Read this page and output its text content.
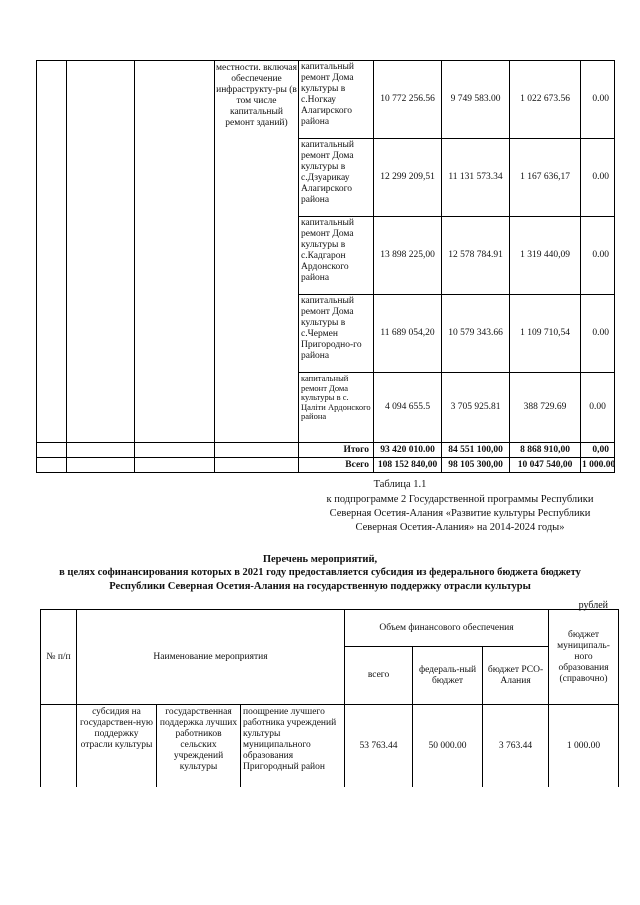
			местности. включая обеспечение инфраструкту-ры (в том числе капитальный ремонт зданий)	капитальный ремонт Дома культуры в с.Ногкау Алагирского района	10 772 256.56	9 749 583.00	1 022 673.56	0.00
				капитальный ремонт Дома культуры в с.Дзуарикау Алагирского района	12 299 209,51	11 131 573.34	1 167 636,17	0.00
				капитальный ремонт Дома культуры в с.Кадгарон Ардонского района	13 898 225,00	12 578 784.91	1 319 440,09	0.00
				капитальный ремонт Дома культуры в с.Чермен Пригородно-го района	11 689 054,20	10 579 343.66	1 109 710,54	0.00
				капитальный ремонт Дома культуры в с. Цаліти Ардонского района	4 094 655.5	3 705 925.81	388 729.69	0.00
				Итого	93 420 010.00	84 551 100,00	8 868 910,00	0,00
				Всего	108 152 840,00	98 105 300,00	10 047 540,00	1 000.00
Таблица 1.1
к подпрограмме 2 Государственной программы Республики
Северная Осетия-Алания «Развитие культуры Республики
Северная Осетия-Алания» на 2014-2024 годы»
Перечень мероприятий,
в целях софинансирования которых в 2021 году предоставляется субсидия из федерального бюджета бюджету
Республики Северная Осетия-Алания на государственную поддержку отрасли культуры
рублей
№ п/п	Наименование мероприятия			Объем финансового обеспечения			бюджет муниципаль-ного образования (справочно)
				всего	федераль-ный бюджет	бюджет РСО-Алания	
	субсидия на государствен-ную поддержку отрасли культуры	государственная поддержка лучших работников сельских учреждений культуры	поощрение лучшего работника учреждений культуры муниципального образования Пригородный район	53 763.44	50 000.00	3 763.44	1 000.00
